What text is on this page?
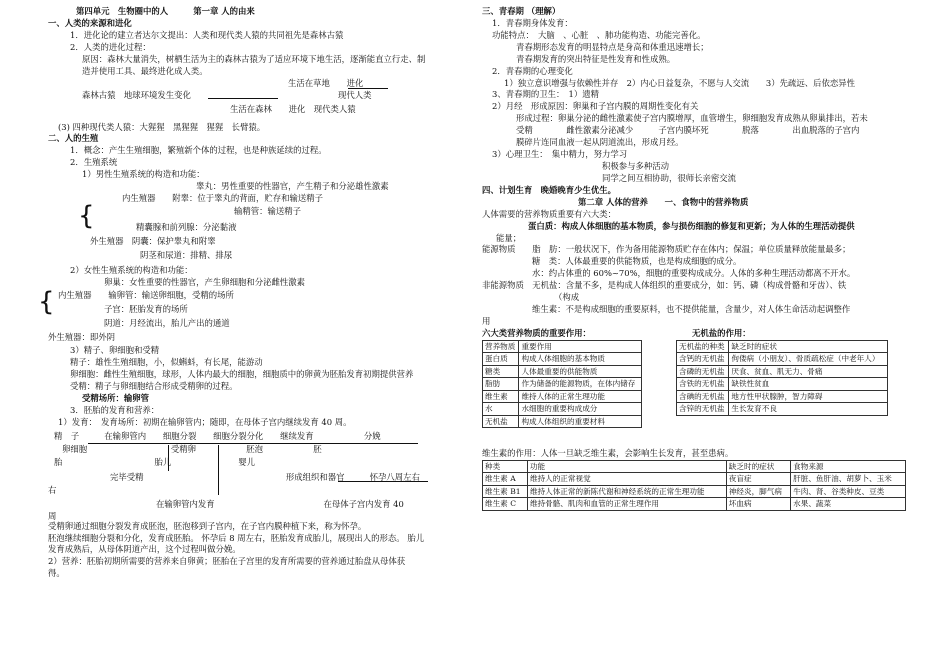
第四单元　生物圈中的人　　　第一章 人的由来
一、人类的来源和进化
1．进化论的建立者达尔文提出：人类和现代类人猿的共同祖先是森林古猿
2．人类的进化过程：
原因：森林大量消失，树栖生活为主的森林古猿为了适应环境下地生活，逐渐能直立行走、制
造并使用工具、最终进化成人类。
生活在草地　　进化
森林古猿　地球环境发生变化	现代人类
生活在森林　　进化　现代类人猿
(3) 四种现代类人猿：大猩猩　黑猩猩　猩猩　长臂猿。
二、人的生殖
1．概念：产生生殖细胞，繁殖新个体的过程，也是种族延续的过程。
2．生殖系统
1）男性生殖系统的构造和功能：
{
睾丸：男性重要的性器官，产生精子和分泌雄性激素
内生殖器　　附睾：位于睾丸的背面，贮存和输送精子
输精管：输送精子
精囊腺和前列腺：分泌黏液
外生殖器　阴囊：保护睾丸和附睾
阴茎和尿道：排精、排尿
2）女性生殖系统的构造和功能：
{
卵巢：女性重要的性器官，产生卵细胞和分泌雌性激素
内生殖器　　输卵管：输送卵细胞，受精的场所
子宫：胚胎发育的场所
阴道：月经流出，胎儿产出的通道
外生殖器：即外阴
3）精子、卵细胞和受精
精子：雄性生殖细胞，小，似蝌蚪，有长尾，能游动
卵细胞：雌性生殖细胞，球形，人体内最大的细胞，细胞质中的卵黄为胚胎发育初期提供营养
受精：精子与卵细胞结合形成受精卵的过程。
受精场所：输卵管
3．胚胎的发育和营养：
1）发育：　发育场所：初期在输卵管内；随即，在母体子宫内继续发育 40 周。
精　子　　　在输卵管内　　细胞分裂　　细胞分裂分化　　继续发育　　　　　　分娩
卵细胞　　　　　　　　　　受精卵　　　　　　胚泡　　　　　　胚　　　　
胎　　　　　　　　　　　胎儿　　　　　　　　婴儿
完毕受精　　　　　　　　　　　　　　　　　形成组织和器官　　　怀孕八周左右
右
在输卵管内发育　　　　　　　　　　　　　在母体子宫内发育 40
周
受精卵通过细胞分裂发育成胚泡，胚泡移到子宫内，在子宫内膜种植下来，称为怀孕。
胚泡继续细胞分裂和分化，发育成胚胎。 怀孕后 8 周左右，胚胎发育成胎儿，展现出人的形态。 胎儿
发育成熟后，从母体阴道产出，这个过程叫做分娩。
2）营养：胚胎初期所需要的营养来自卵黄；胚胎在子宫里的发育所需要的营养通过胎盘从母体获
得。
三、青春期 （理解）
1．青春期身体发育：
功能特点：　大脑　、心脏　、肺功能构造、功能完善化。
青春期形态发育的明显特点是身高和体重迅速增长；
青春期发育的突出特征是性发育和性成熟。
2．青春期的心理变化
1）独立意识增强与依赖性并存　2）内心日益复杂，不愿与人交流　　3）先疏远、后依恋异性
3、青春期的卫生：　1）遗精
2）月经　形成原因：卵巢和子宫内膜的周期性变化有关
形成过程：卵巢分泌的雌性激素使子宫内膜增厚，血管增生，卵细胞发育成熟从卵巢排出，若未
受精　　　　雌性激素分泌减少　　　子宫内膜坏死　　　　脱落　　　　出血脱落的子宫内
膜碎片连同血液一起从阴道流出，形成月经。
3）心理卫生：　集中精力，努力学习
积极参与多种活动
同学之间互相协助，很师长亲密交流
四、计划生育　晚婚晚育少生优生。
第二章 人体的营养　　一、食物中的营养物质
人体需要的营养物质重要有六大类：
蛋白质：构成人体细胞的基本物质，参与损伤细胞的修复和更新；为人体的生理活动提供
能量；
能源物质　　 脂　肪：一般状况下，作为备用能源物质贮存在体内；保温；单位质量释放能量最多；
糖　类：人体最重要的供能物质，也是构成细胞的成分。
水：约占体重的 60%~70%，细胞的重要构成成分。人体的多种生理活动都离不开水。
非能源物质　 无机盐：含量不多，是构成人体组织的重要成分，如：钙、磷（构成骨骼和牙齿）、铁
（构成
维生素：不是构成细胞的重要原料，也不提供能量，含量少，对人体生命活动起调整作
用
六大类营养物质的重要作用：	无机盐的作用：
营养物质	重要作用
蛋白质	构成人体细胞的基本物质
糖类	人体最重要的供能物质
脂肪	作为储备的能源物质，在体内储存
维生素	维持人体的正常生理功能
水	水细胞的重要构成成分
无机盐	构成人体组织的重要材料
无机盐的种类	缺乏时的症状
含钙的无机盐	佝偻病（小朋友）、骨质疏松症（中老年人）
含磷的无机盐	厌食、贫血、肌无力、骨痛
含铁的无机盐	缺铁性贫血
含碘的无机盐	地方性甲状腺肿，智力障碍
含锌的无机盐	生长发育不良
维生素的作用：人体一旦缺乏维生素，会影响生长发育，甚至患病。
种类	功能	缺乏时的症状	食物来源
维生素 A	维持人的正常视觉	夜盲症	肝脏、鱼肝油、胡萝卜、玉米
维生素 B1	维持人体正常的新陈代谢和神经系统的正常生理功能	神经炎，脚气病	牛肉、肾、谷类种皮、豆类
维生素 C	维持骨骼、肌肉和血管的正常生理作用	坏血病	水果、蔬菜
